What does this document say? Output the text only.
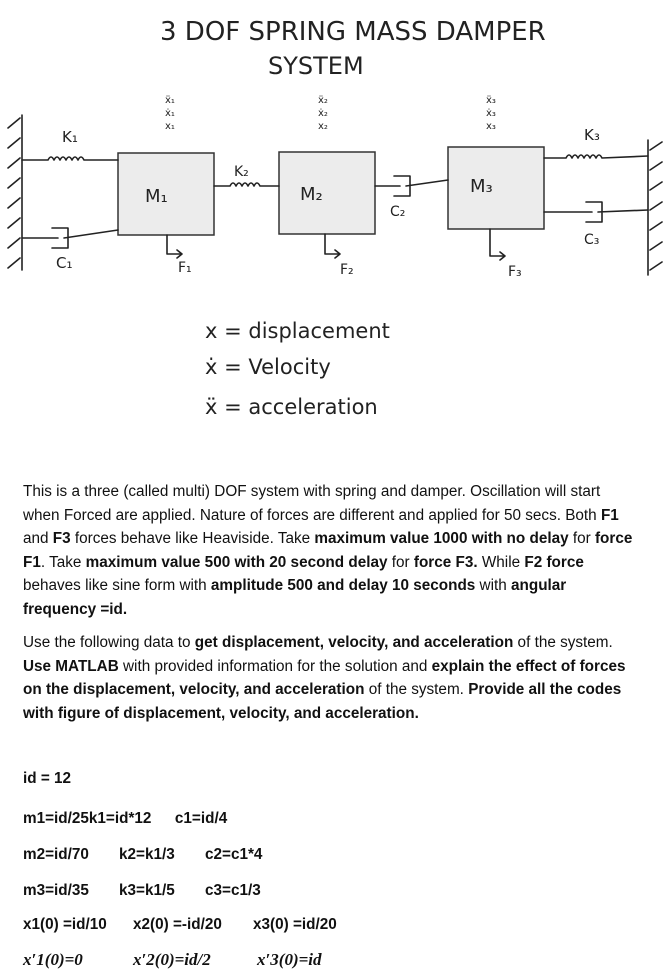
3 DOF SPRING MASS DAMPER
SYSTEM
M₁	M₂	M₃
K₁
K₂
K₃
C₁
C₂
C₃
F₁	F₂	F₃
ẍ₁
ẋ₁
x₁
ẍ₂
ẋ₂
x₂
ẍ₃
ẋ₃
x₃
x = displacement
ẋ = Velocity
ẍ = acceleration

This is a three (called multi) DOF system with spring and damper. Oscillation will start when Forced are applied. Nature of forces are different and applied for 50 secs. Both F1 and F3 forces behave like Heaviside. Take maximum value 1000 with no delay for force F1. Take maximum value 500 with 20 second delay for force F3. While F2 force behaves like sine form with amplitude 500 and delay 10 seconds with angular frequency =id.

Use the following data to get displacement, velocity, and acceleration of the system. Use MATLAB with provided information for the solution and explain the effect of forces on the displacement, velocity, and acceleration of the system. Provide all the codes with figure of displacement, velocity, and acceleration.

id = 12
m1=id/25k1=id*12 c1=id/4
m2=id/70 k2=k1/3 c2=c1*4
m3=id/35 k3=k1/5 c3=c1/3
x1(0) =id/10 x2(0) =-id/20 x3(0) =id/20
x′1(0)=0	x′2(0)=id/2	x′3(0)=id
